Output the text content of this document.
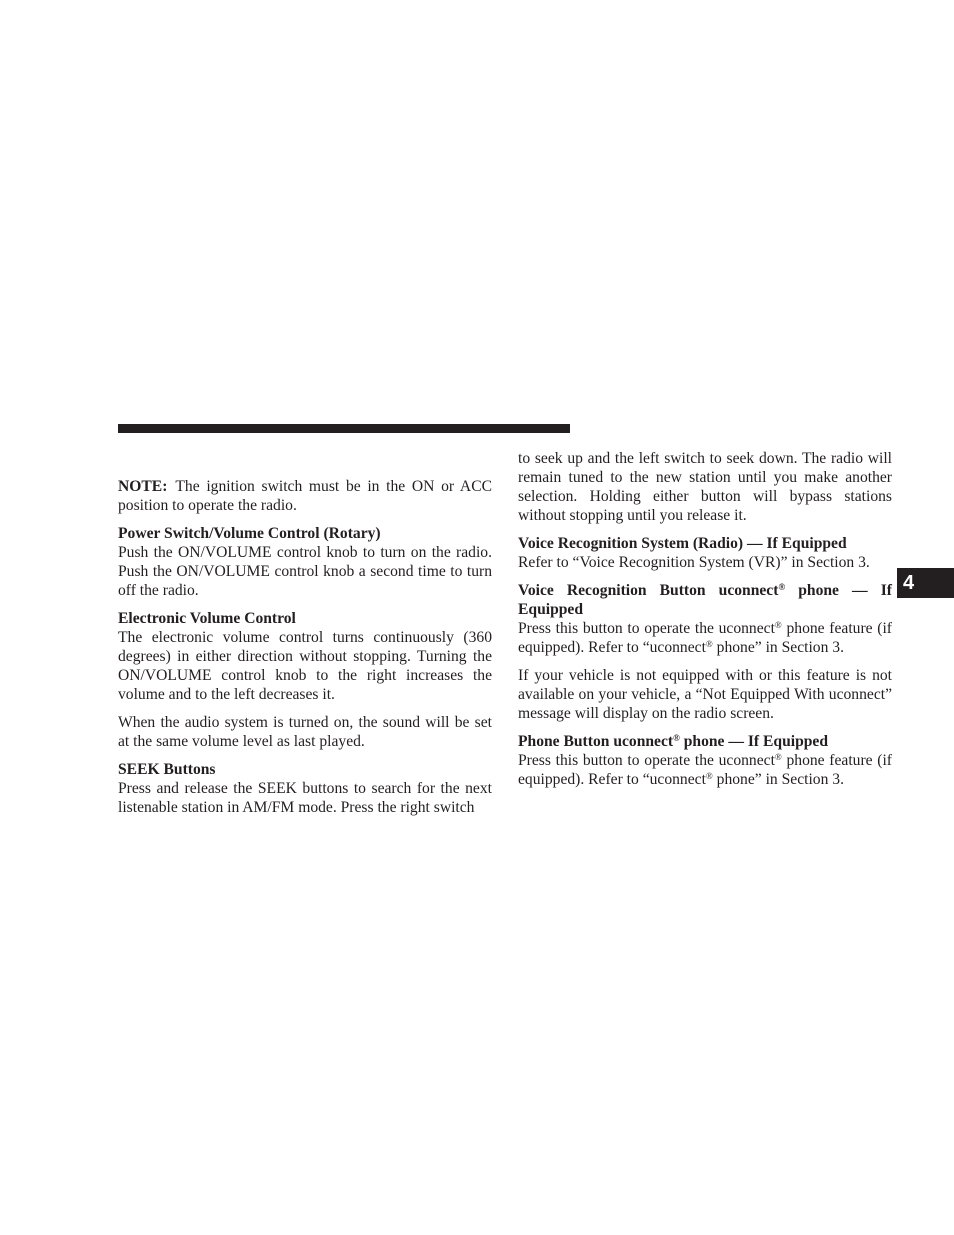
NOTE: The ignition switch must be in the ON or ACC position to operate the radio.

Power Switch/Volume Control (Rotary)

Push the ON/VOLUME control knob to turn on the radio. Push the ON/VOLUME control knob a second time to turn off the radio.

Electronic Volume Control

The electronic volume control turns continuously (360 degrees) in either direction without stopping. Turning the ON/VOLUME control knob to the right increases the volume and to the left decreases it.

When the audio system is turned on, the sound will be set at the same volume level as last played.

SEEK Buttons

Press and release the SEEK buttons to search for the next listenable station in AM/FM mode. Press the right switch

to seek up and the left switch to seek down. The radio will remain tuned to the new station until you make another selection. Holding either button will bypass stations without stopping until you release it.

Voice Recognition System (Radio) — If Equipped

Refer to “Voice Recognition System (VR)” in Section 3.

Voice Recognition Button uconnect® phone — If Equipped

Press this button to operate the uconnect® phone feature (if equipped). Refer to “uconnect® phone” in Section 3.

If your vehicle is not equipped with or this feature is not available on your vehicle, a “Not Equipped With uconnect” message will display on the radio screen.

Phone Button uconnect® phone — If Equipped

Press this button to operate the uconnect® phone feature (if equipped). Refer to “uconnect® phone” in Section 3.

4
